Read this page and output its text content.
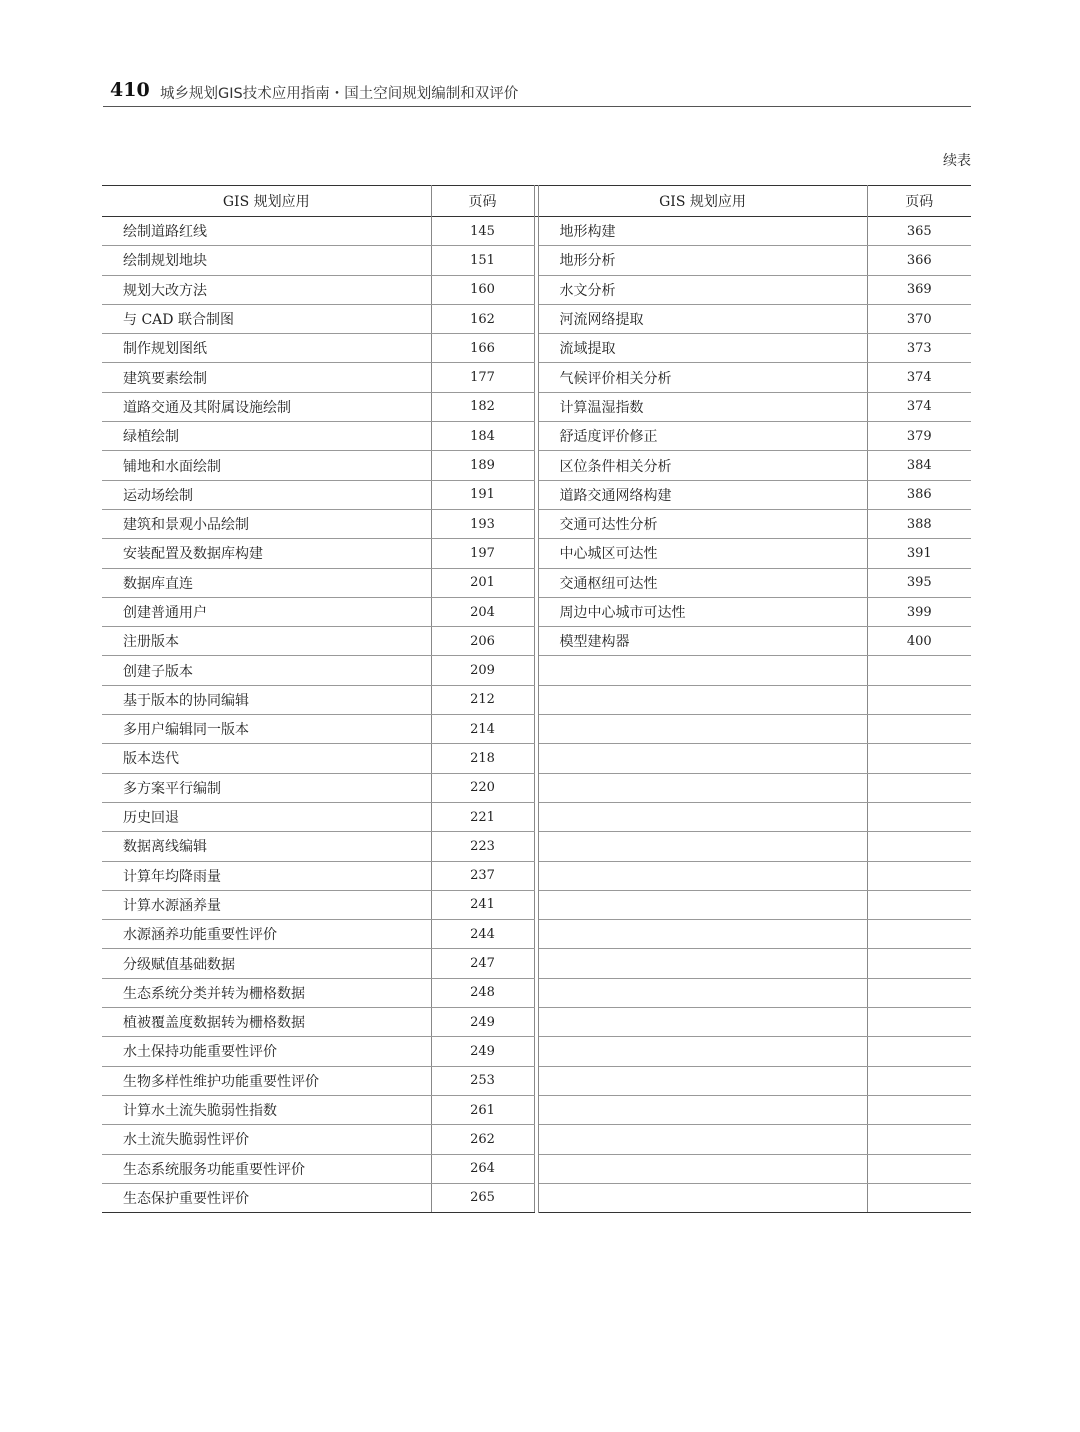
410 城乡规划GIS技术应用指南・国土空间规划编制和双评价
续表
GIS 规划应用	页码		GIS 规划应用	页码
绘制道路红线	145		地形构建	365
绘制规划地块	151		地形分析	366
规划大改方法	160		水文分析	369
与 CAD 联合制图	162		河流网络提取	370
制作规划图纸	166		流域提取	373
建筑要素绘制	177		气候评价相关分析	374
道路交通及其附属设施绘制	182		计算温湿指数	374
绿植绘制	184		舒适度评价修正	379
铺地和水面绘制	189		区位条件相关分析	384
运动场绘制	191		道路交通网络构建	386
建筑和景观小品绘制	193		交通可达性分析	388
安装配置及数据库构建	197		中心城区可达性	391
数据库直连	201		交通枢纽可达性	395
创建普通用户	204		周边中心城市可达性	399
注册版本	206		模型建构器	400
创建子版本	209			
基于版本的协同编辑	212			
多用户编辑同一版本	214			
版本迭代	218			
多方案平行编制	220			
历史回退	221			
数据离线编辑	223			
计算年均降雨量	237			
计算水源涵养量	241			
水源涵养功能重要性评价	244			
分级赋值基础数据	247			
生态系统分类并转为栅格数据	248			
植被覆盖度数据转为栅格数据	249			
水土保持功能重要性评价	249			
生物多样性维护功能重要性评价	253			
计算水土流失脆弱性指数	261			
水土流失脆弱性评价	262			
生态系统服务功能重要性评价	264			
生态保护重要性评价	265			
